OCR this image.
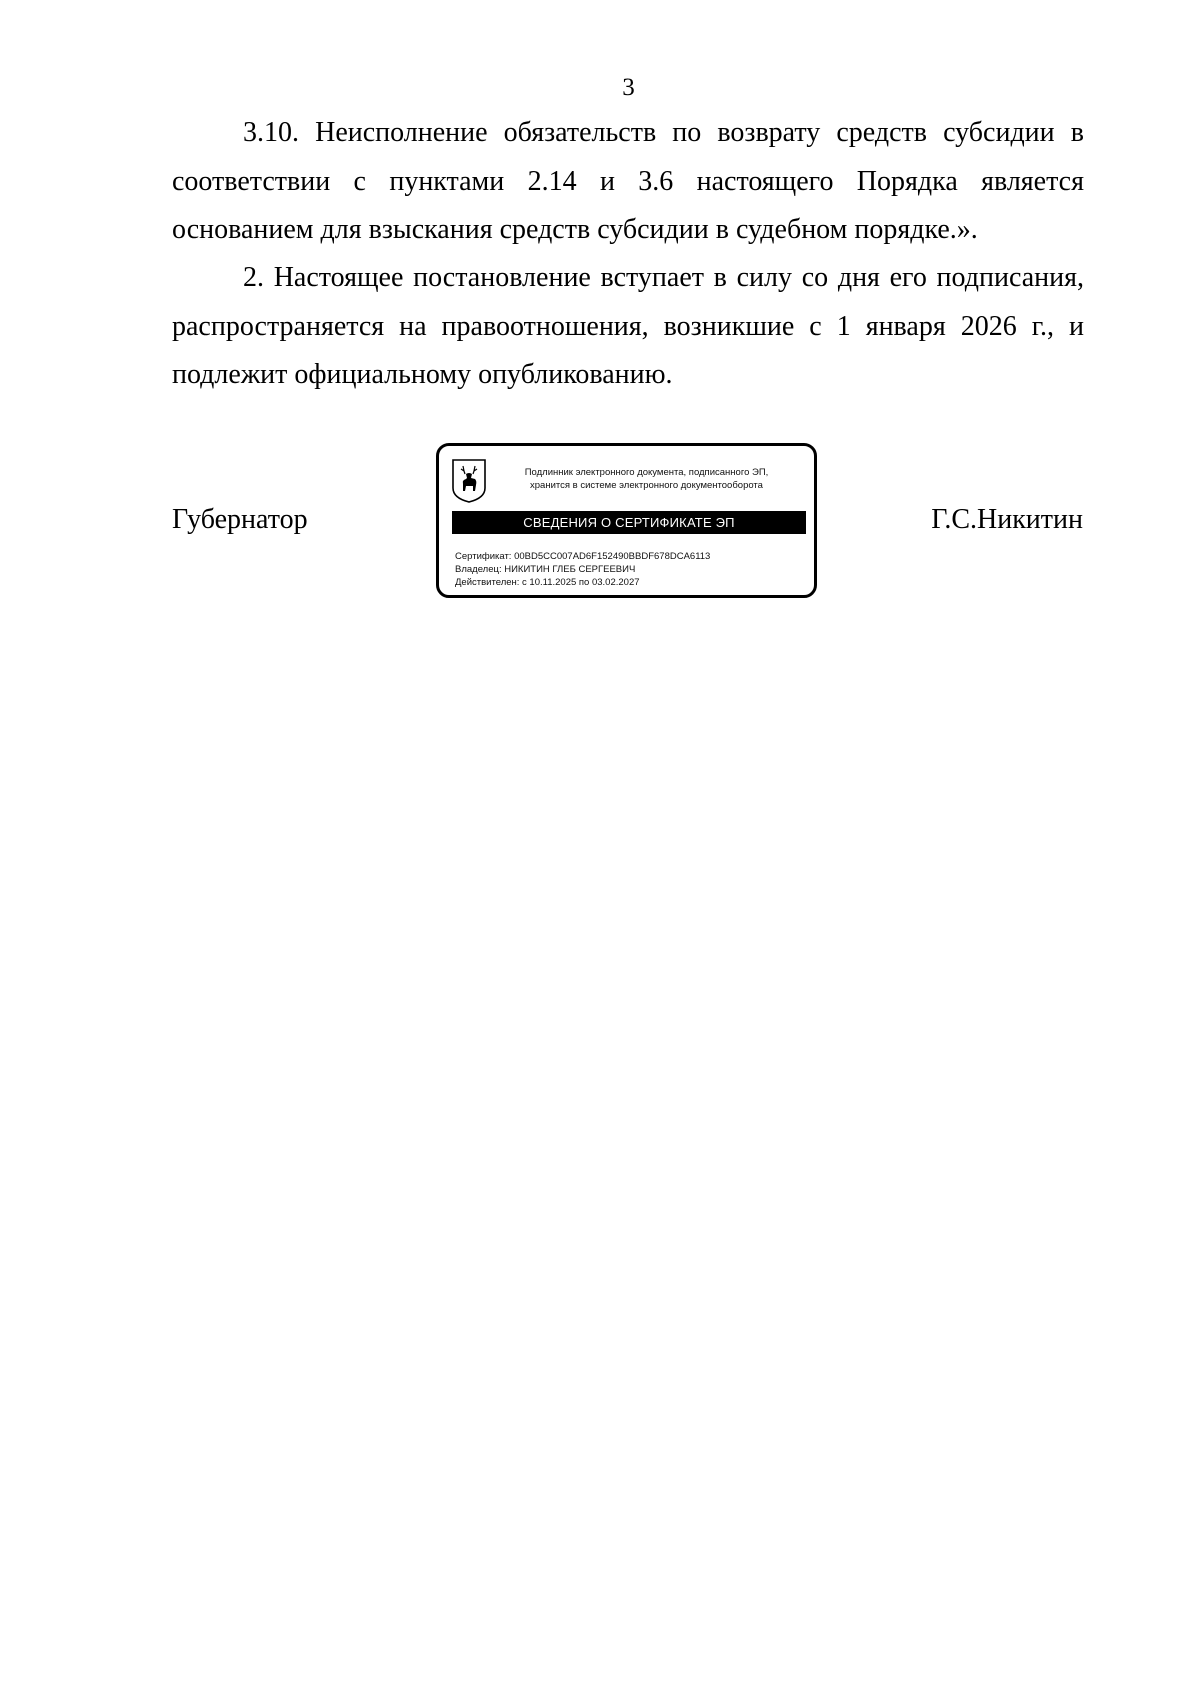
3
3.10. Неисполнение обязательств по возврату средств субсидии в соответствии с пунктами 2.14 и 3.6 настоящего Порядка является основанием для взыскания средств субсидии в судебном порядке.».
2. Настоящее постановление вступает в силу со дня его подписания, распространяется на правоотношения, возникшие с 1 января 2026 г., и подлежит официальному опубликованию.
Губернатор
Подлинник электронного документа, подписанного ЭП,
хранится в системе электронного документооборота
СВЕДЕНИЯ О СЕРТИФИКАТЕ ЭП
Сертификат: 00BD5CC007AD6F152490BBDF678DCA6113
Владелец: НИКИТИН ГЛЕБ СЕРГЕЕВИЧ
Действителен: с 10.11.2025 по 03.02.2027
Г.С.Никитин
